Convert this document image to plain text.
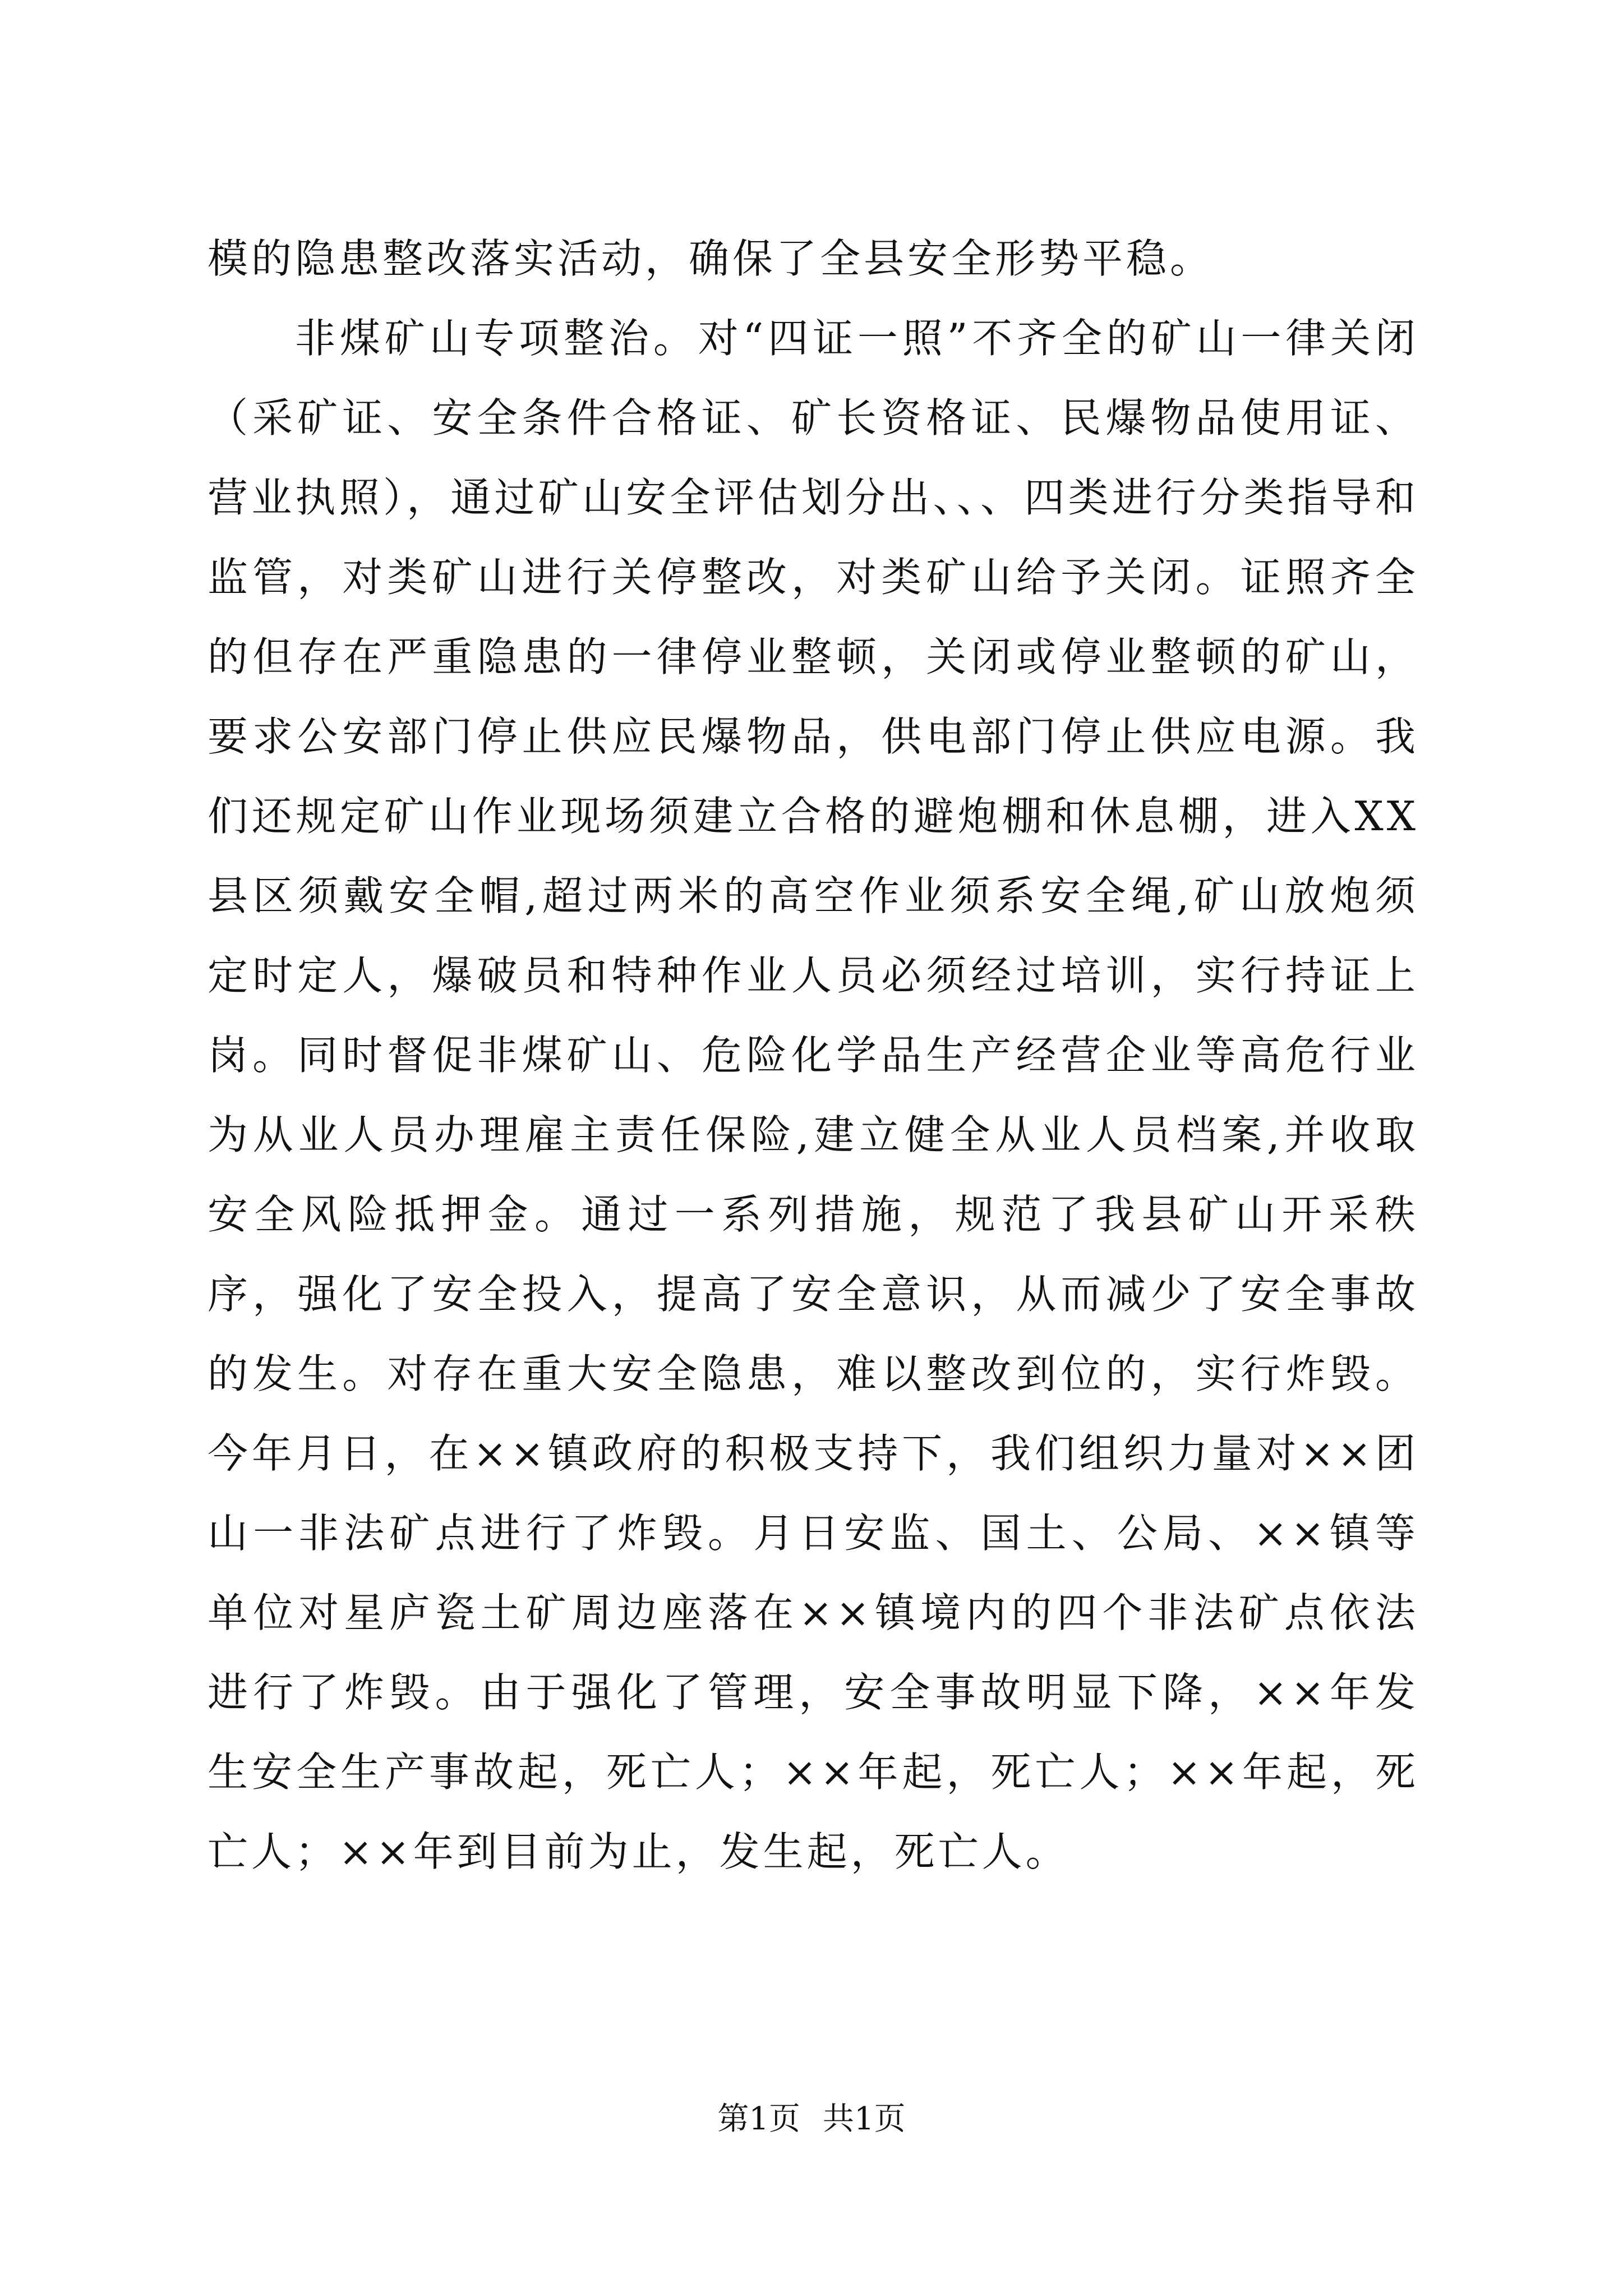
模的隐患整改落实活动，确保了全县安全形势平稳。

非煤矿山专项整治。对“四证一照”不齐全的矿山一律关闭（采矿证、安全条件合格证、矿长资格证、民爆物品使用证、营业执照），通过矿山安全评估划分出、、、四类进行分类指导和监管，对类矿山进行关停整改，对类矿山给予关闭。证照齐全的但存在严重隐患的一律停业整顿，关闭或停业整顿的矿山，要求公安部门停止供应民爆物品，供电部门停止供应电源。我们还规定矿山作业现场须建立合格的避炮棚和休息棚，进入XX县区须戴安全帽,超过两米的高空作业须系安全绳,矿山放炮须定时定人，爆破员和特种作业人员必须经过培训，实行持证上岗。同时督促非煤矿山、危险化学品生产经营企业等高危行业为从业人员办理雇主责任保险,建立健全从业人员档案,并收取安全风险抵押金。通过一系列措施，规范了我县矿山开采秩序，强化了安全投入，提高了安全意识，从而减少了安全事故的发生。对存在重大安全隐患，难以整改到位的，实行炸毁。今年月日，在××镇政府的积极支持下，我们组织力量对××团山一非法矿点进行了炸毁。月日安监、国土、公局、××镇等单位对星庐瓷土矿周边座落在××镇境内的四个非法矿点依法进行了炸毁。由于强化了管理，安全事故明显下降，××年发生安全生产事故起，死亡人；××年起，死亡人；××年起，死亡人；××年到目前为止，发生起，死亡人。

第1页 共1页
